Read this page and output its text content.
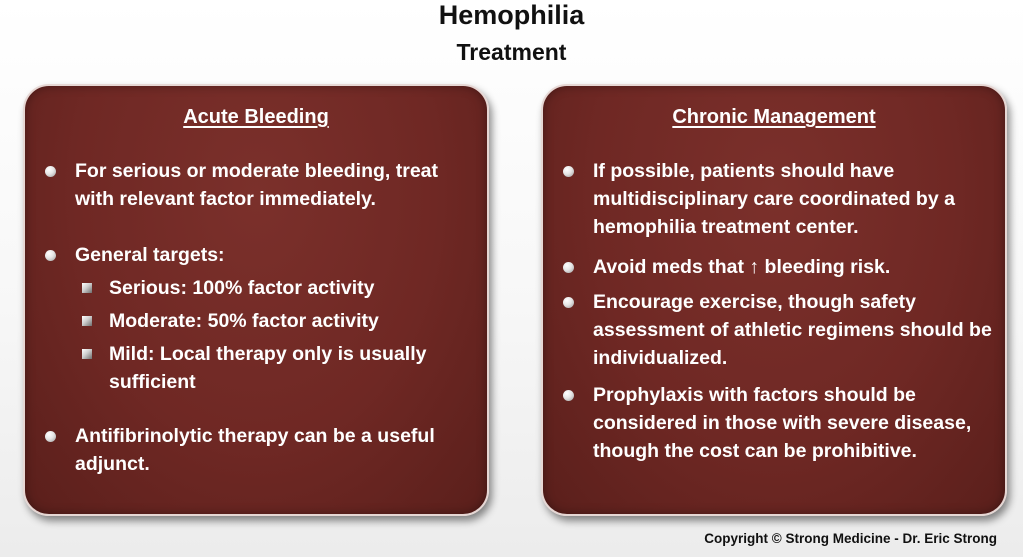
Hemophilia
Treatment
Acute Bleeding
For serious or moderate bleeding, treat with relevant factor immediately.
General targets:
Serious: 100% factor activity
Moderate: 50% factor activity
Mild: Local therapy only is usually sufficient
Antifibrinolytic therapy can be a useful adjunct.
Chronic Management
If possible, patients should have multidisciplinary care coordinated by a hemophilia treatment center.
Avoid meds that ↑ bleeding risk.
Encourage exercise, though safety assessment of athletic regimens should be individualized.
Prophylaxis with factors should be considered in those with severe disease, though the cost can be prohibitive.
Copyright © Strong Medicine - Dr. Eric Strong
